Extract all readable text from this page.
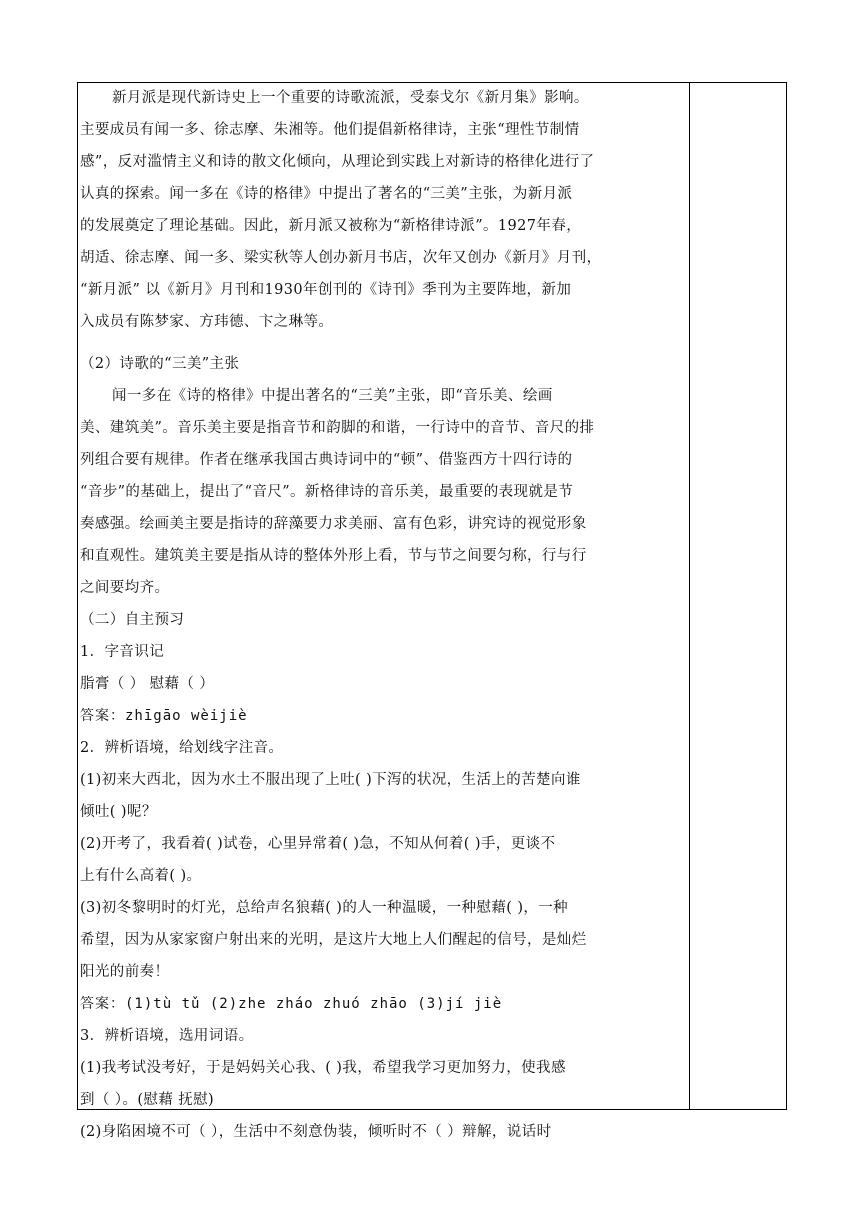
新月派是现代新诗史上一个重要的诗歌流派，受泰戈尔《新月集》影响。
主要成员有闻一多、徐志摩、朱湘等。他们提倡新格律诗，主张“理性节制情
感”，反对滥情主义和诗的散文化倾向，从理论到实践上对新诗的格律化进行了
认真的探索。闻一多在《诗的格律》中提出了著名的“三美”主张，为新月派
的发展奠定了理论基础。因此，新月派又被称为“新格律诗派”。1927年春，
胡适、徐志摩、闻一多、梁实秋等人创办新月书店，次年又创办《新月》月刊，
“新月派” 以《新月》月刊和1930年创刊的《诗刊》季刊为主要阵地，新加
入成员有陈梦家、方玮德、卞之琳等。
（2）诗歌的“三美”主张
闻一多在《诗的格律》中提出著名的“三美”主张，即“音乐美、绘画
美、建筑美”。音乐美主要是指音节和韵脚的和谐，一行诗中的音节、音尺的排
列组合要有规律。作者在继承我国古典诗词中的“顿”、借鉴西方十四行诗的
“音步”的基础上，提出了“音尺”。新格律诗的音乐美，最重要的表现就是节
奏感强。绘画美主要是指诗的辞藻要力求美丽、富有色彩，讲究诗的视觉形象
和直观性。建筑美主要是指从诗的整体外形上看，节与节之间要匀称，行与行
之间要均齐。
（二）自主预习
1．字音识记
脂膏（ ） 慰藉（ ）
答案：zhīgāo wèijiè
2．辨析语境，给划线字注音。
(1)初来大西北，因为水土不服出现了上吐( )下泻的状况，生活上的苦楚向谁
倾吐( )呢？
(2)开考了，我看着( )试卷，心里异常着( )急，不知从何着( )手，更谈不
上有什么高着( )。
(3)初冬黎明时的灯光，总给声名狼藉( )的人一种温暖，一种慰藉( )，一种
希望，因为从家家窗户射出来的光明，是这片大地上人们醒起的信号，是灿烂
阳光的前奏！
答案：(1)tù tǔ (2)zhe zháo zhuó zhāo (3)jí jiè
3．辨析语境，选用词语。
(1)我考试没考好，于是妈妈关心我、( )我，希望我学习更加努力，使我感
到（ ）。(慰藉 抚慰)
(2)身陷困境不可（ ），生活中不刻意伪装，倾听时不（ ）辩解，说话时
